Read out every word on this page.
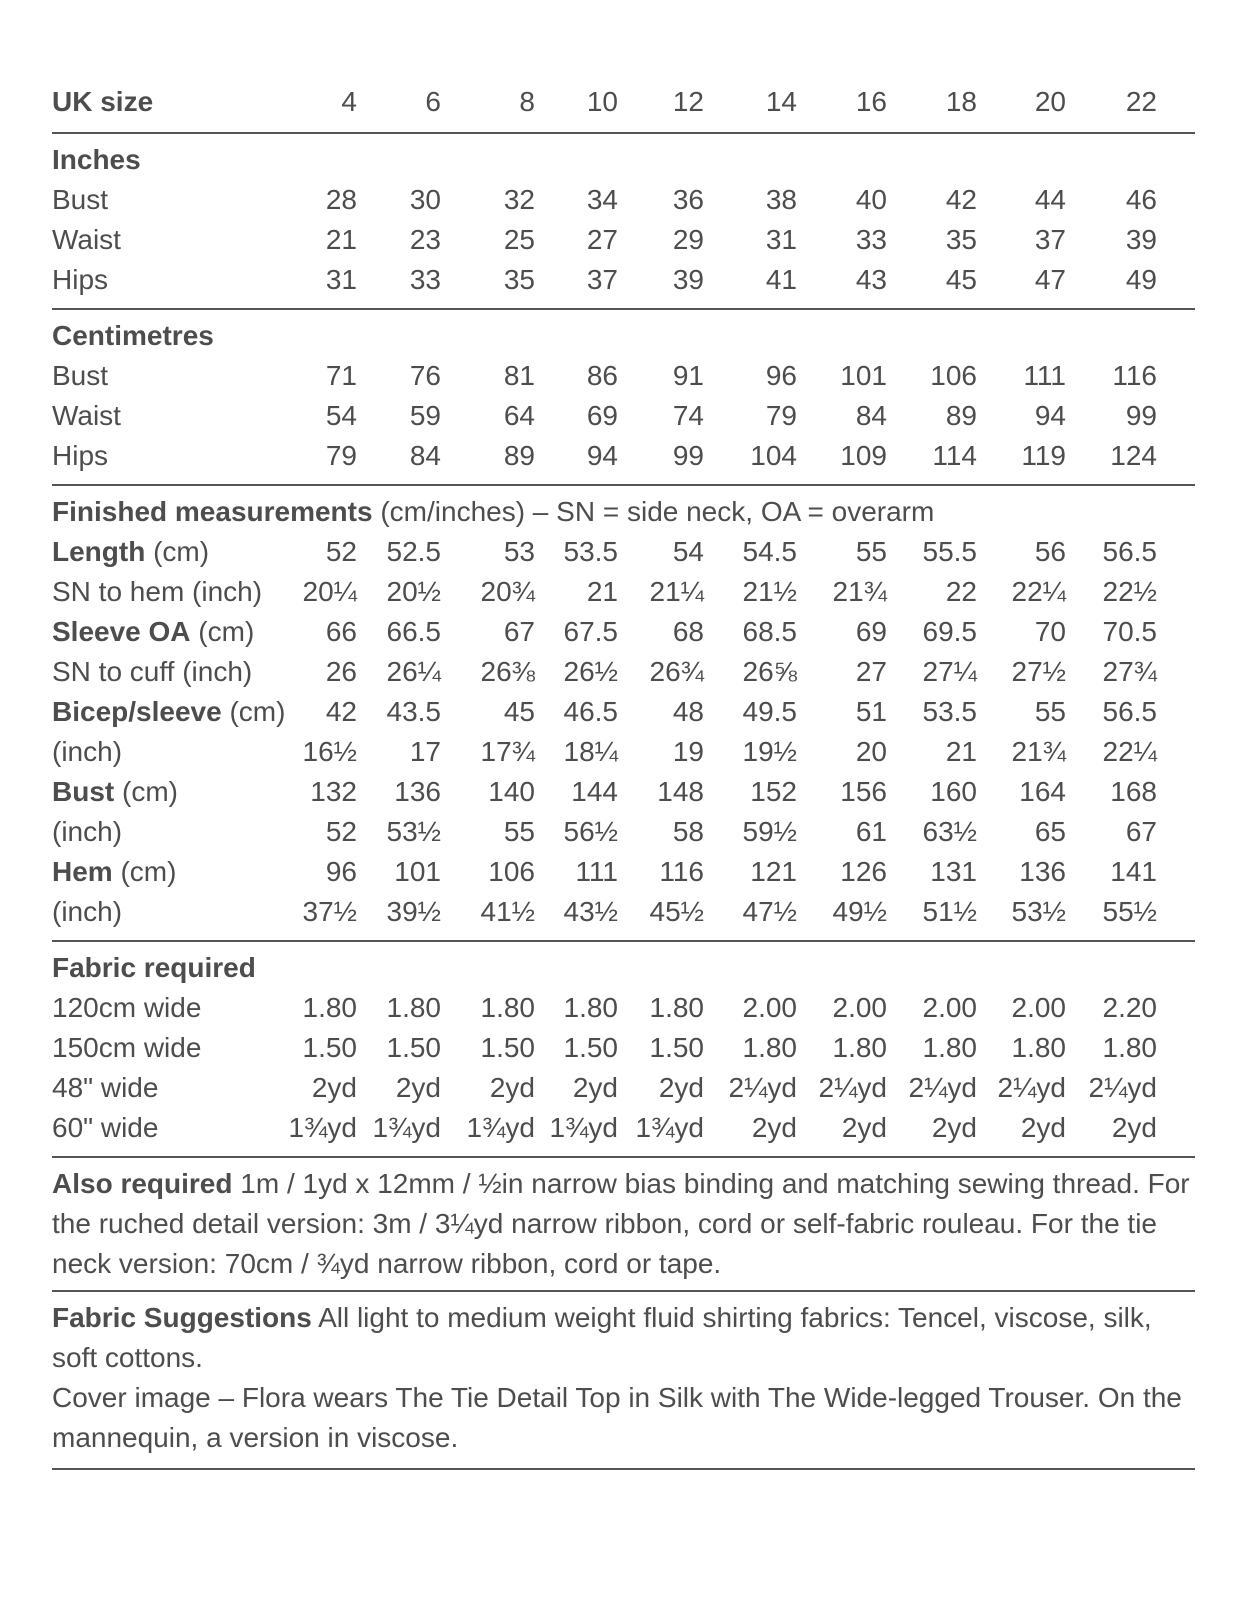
UK size	4 6	8 10 12 14 16 18 20 22
Inches
Bust	28 30 32 34 36 38 40 42 44 46
Waist	21 23 25 27 29 31 33 35 37 39
Hips	31 33 35 37 39 41 43 45 47 49
Centimetres
Bust	71 76 81 86 91 96 101 106 111 116
Waist	54 59 64 69 74 79 84 89 94 99
Hips	79 84 89 94 99 104 109 114 119 124
Finished measurements (cm/inches) – SN = side neck, OA = overarm
Length (cm)	52 52.5 53 53.5 54 54.5 55 55.5 56 56.5
SN to hem (inch) 20¼ 20½ 20¾ 21 21¼ 21½ 21¾ 22 22¼ 22½
Sleeve OA (cm)	66 66.5 67 67.5 68 68.5 69 69.5 70 70.5
SN to cuff (inch)	26 26¼ 26⅜ 26½ 26¾ 26⅝ 27 27¼ 27½ 27¾
Bicep/sleeve (cm) 42 43.5 45 46.5 48 49.5 51 53.5 55 56.5
(inch)	16½ 17 17¾ 18¼ 19 19½ 20 21 21¾ 22¼
Bust (cm)	132 136 140 144 148 152 156 160 164 168
(inch)	52 53½ 55 56½ 58 59½ 61 63½ 65 67
Hem (cm)	96 101 106 111 116 121 126 131 136 141
(inch)	37½ 39½ 41½ 43½ 45½ 47½ 49½ 51½ 53½ 55½
Fabric required
120cm wide	1.80 1.80 1.80 1.80 1.80 2.00 2.00 2.00 2.00 2.20
150cm wide	1.50 1.50 1.50 1.50 1.50 1.80 1.80 1.80 1.80 1.80
48" wide	2yd 2yd 2yd 2yd 2yd 2¼yd 2¼yd 2¼yd 2¼yd 2¼yd
60" wide	1¾yd 1¾yd 1¾yd 1¾yd 1¾yd 2yd 2yd 2yd 2yd 2yd

Also required 1m / 1yd x 12mm / ½in narrow bias binding and matching sewing thread. For the ruched detail version: 3m / 3¼yd narrow ribbon, cord or self-fabric rouleau. For the tie neck version: 70cm / ¾yd narrow ribbon, cord or tape.

Fabric Suggestions All light to medium weight fluid shirting fabrics: Tencel, viscose, silk, soft cottons.

Cover image – Flora wears The Tie Detail Top in Silk with The Wide-legged Trouser. On the mannequin, a version in viscose.
